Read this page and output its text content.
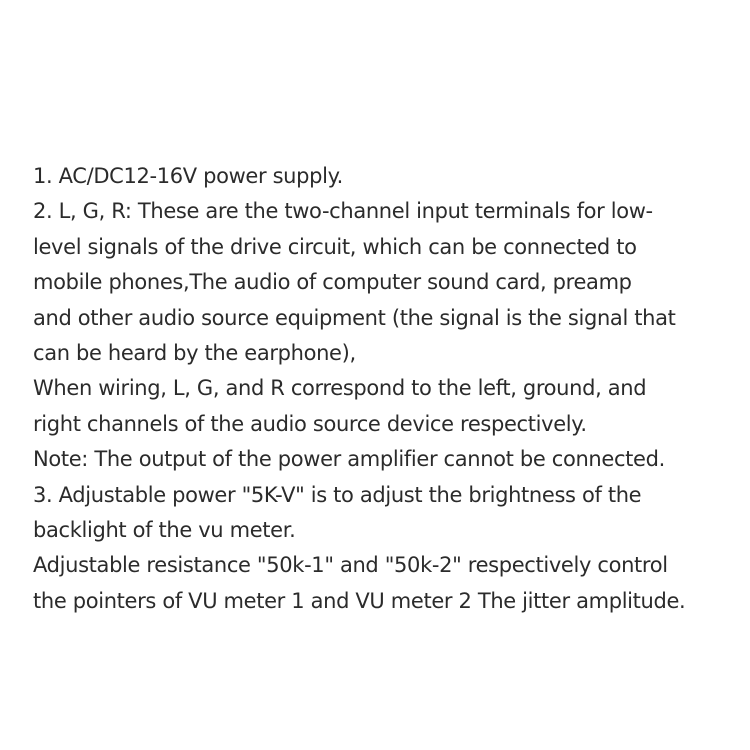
1. AC/DC12-16V power supply.
2. L, G, R: These are the two-channel input terminals for low-
level signals of the drive circuit, which can be connected to
mobile phones,The audio of computer sound card, preamp
and other audio source equipment (the signal is the signal that
can be heard by the earphone),
When wiring, L, G, and R correspond to the left, ground, and
right channels of the audio source device respectively.
Note: The output of the power amplifier cannot be connected.
3. Adjustable power "5K-V" is to adjust the brightness of the
backlight of the vu meter.
Adjustable resistance "50k-1" and "50k-2" respectively control
the pointers of VU meter 1 and VU meter 2 The jitter amplitude.
